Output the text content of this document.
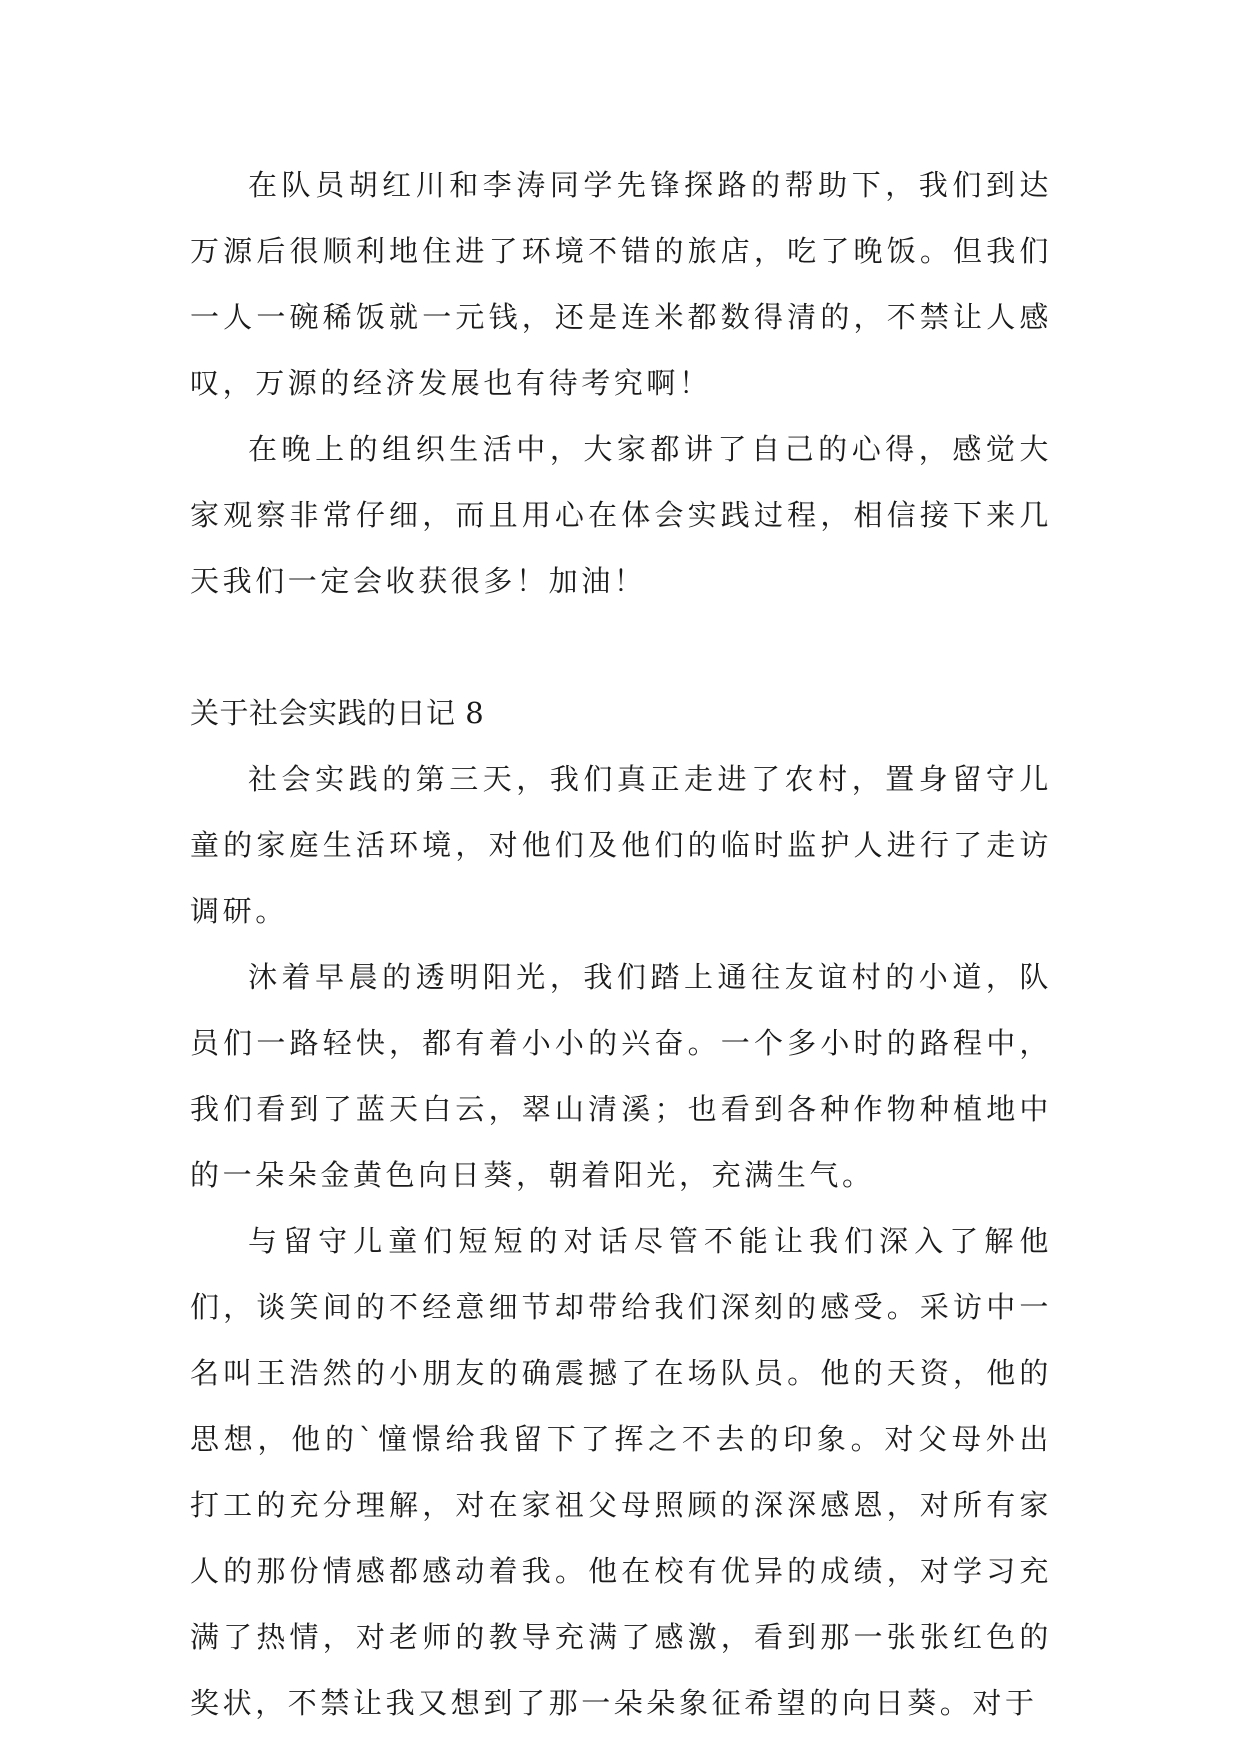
在队员胡红川和李涛同学先锋探路的帮助下，我们到达万源后很顺利地住进了环境不错的旅店，吃了晚饭。但我们一人一碗稀饭就一元钱，还是连米都数得清的，不禁让人感叹，万源的经济发展也有待考究啊！

在晚上的组织生活中，大家都讲了自己的心得，感觉大家观察非常仔细，而且用心在体会实践过程，相信接下来几天我们一定会收获很多！加油！

关于社会实践的日记 8

社会实践的第三天，我们真正走进了农村，置身留守儿童的家庭生活环境，对他们及他们的临时监护人进行了走访调研。

沐着早晨的透明阳光，我们踏上通往友谊村的小道，队员们一路轻快，都有着小小的兴奋。一个多小时的路程中，我们看到了蓝天白云，翠山清溪；也看到各种作物种植地中的一朵朵金黄色向日葵，朝着阳光，充满生气。

与留守儿童们短短的对话尽管不能让我们深入了解他们，谈笑间的不经意细节却带给我们深刻的感受。采访中一名叫王浩然的小朋友的确震撼了在场队员。他的天资，他的思想，他的`憧憬给我留下了挥之不去的印象。对父母外出打工的充分理解，对在家祖父母照顾的深深感恩，对所有家人的那份情感都感动着我。他在校有优异的成绩，对学习充满了热情，对老师的教导充满了感激，看到那一张张红色的奖状，不禁让我又想到了那一朵朵象征希望的向日葵。对于
